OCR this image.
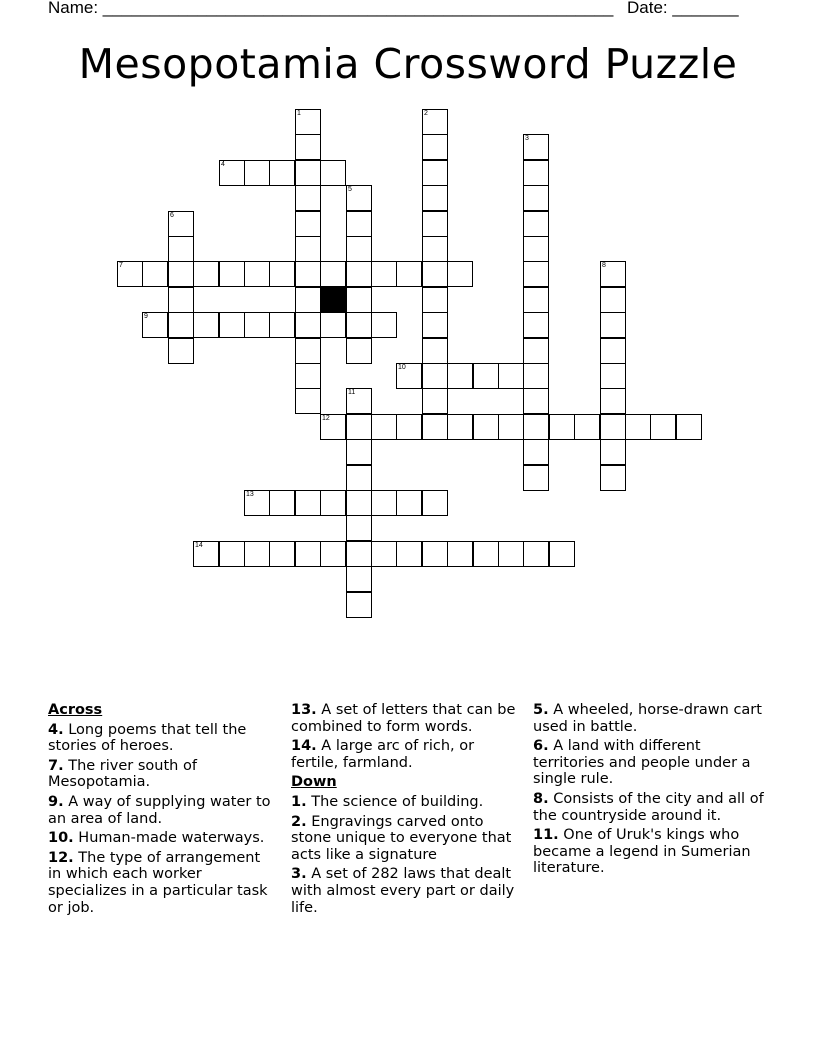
Name: ______________________________________________________ Date: _______
Mesopotamia Crossword Puzzle
4
7
9
10
12
13
14
1	2
3
5
6
8
11
Across
4. Long poems that tell the stories of heroes.
7. The river south of Mesopotamia.
9. A way of supplying water to an area of land.
10. Human-made waterways.
12. The type of arrangement in which each worker specializes in a particular task or job.
13. A set of letters that can be combined to form words.
14. A large arc of rich, or fertile, farmland.
Down
1. The science of building.
2. Engravings carved onto stone unique to everyone that acts like a signature
3. A set of 282 laws that dealt with almost every part or daily life.
5. A wheeled, horse-drawn cart used in battle.
6. A land with different territories and people under a single rule.
8. Consists of the city and all of the countryside around it.
11. One of Uruk's kings who became a legend in Sumerian literature.
